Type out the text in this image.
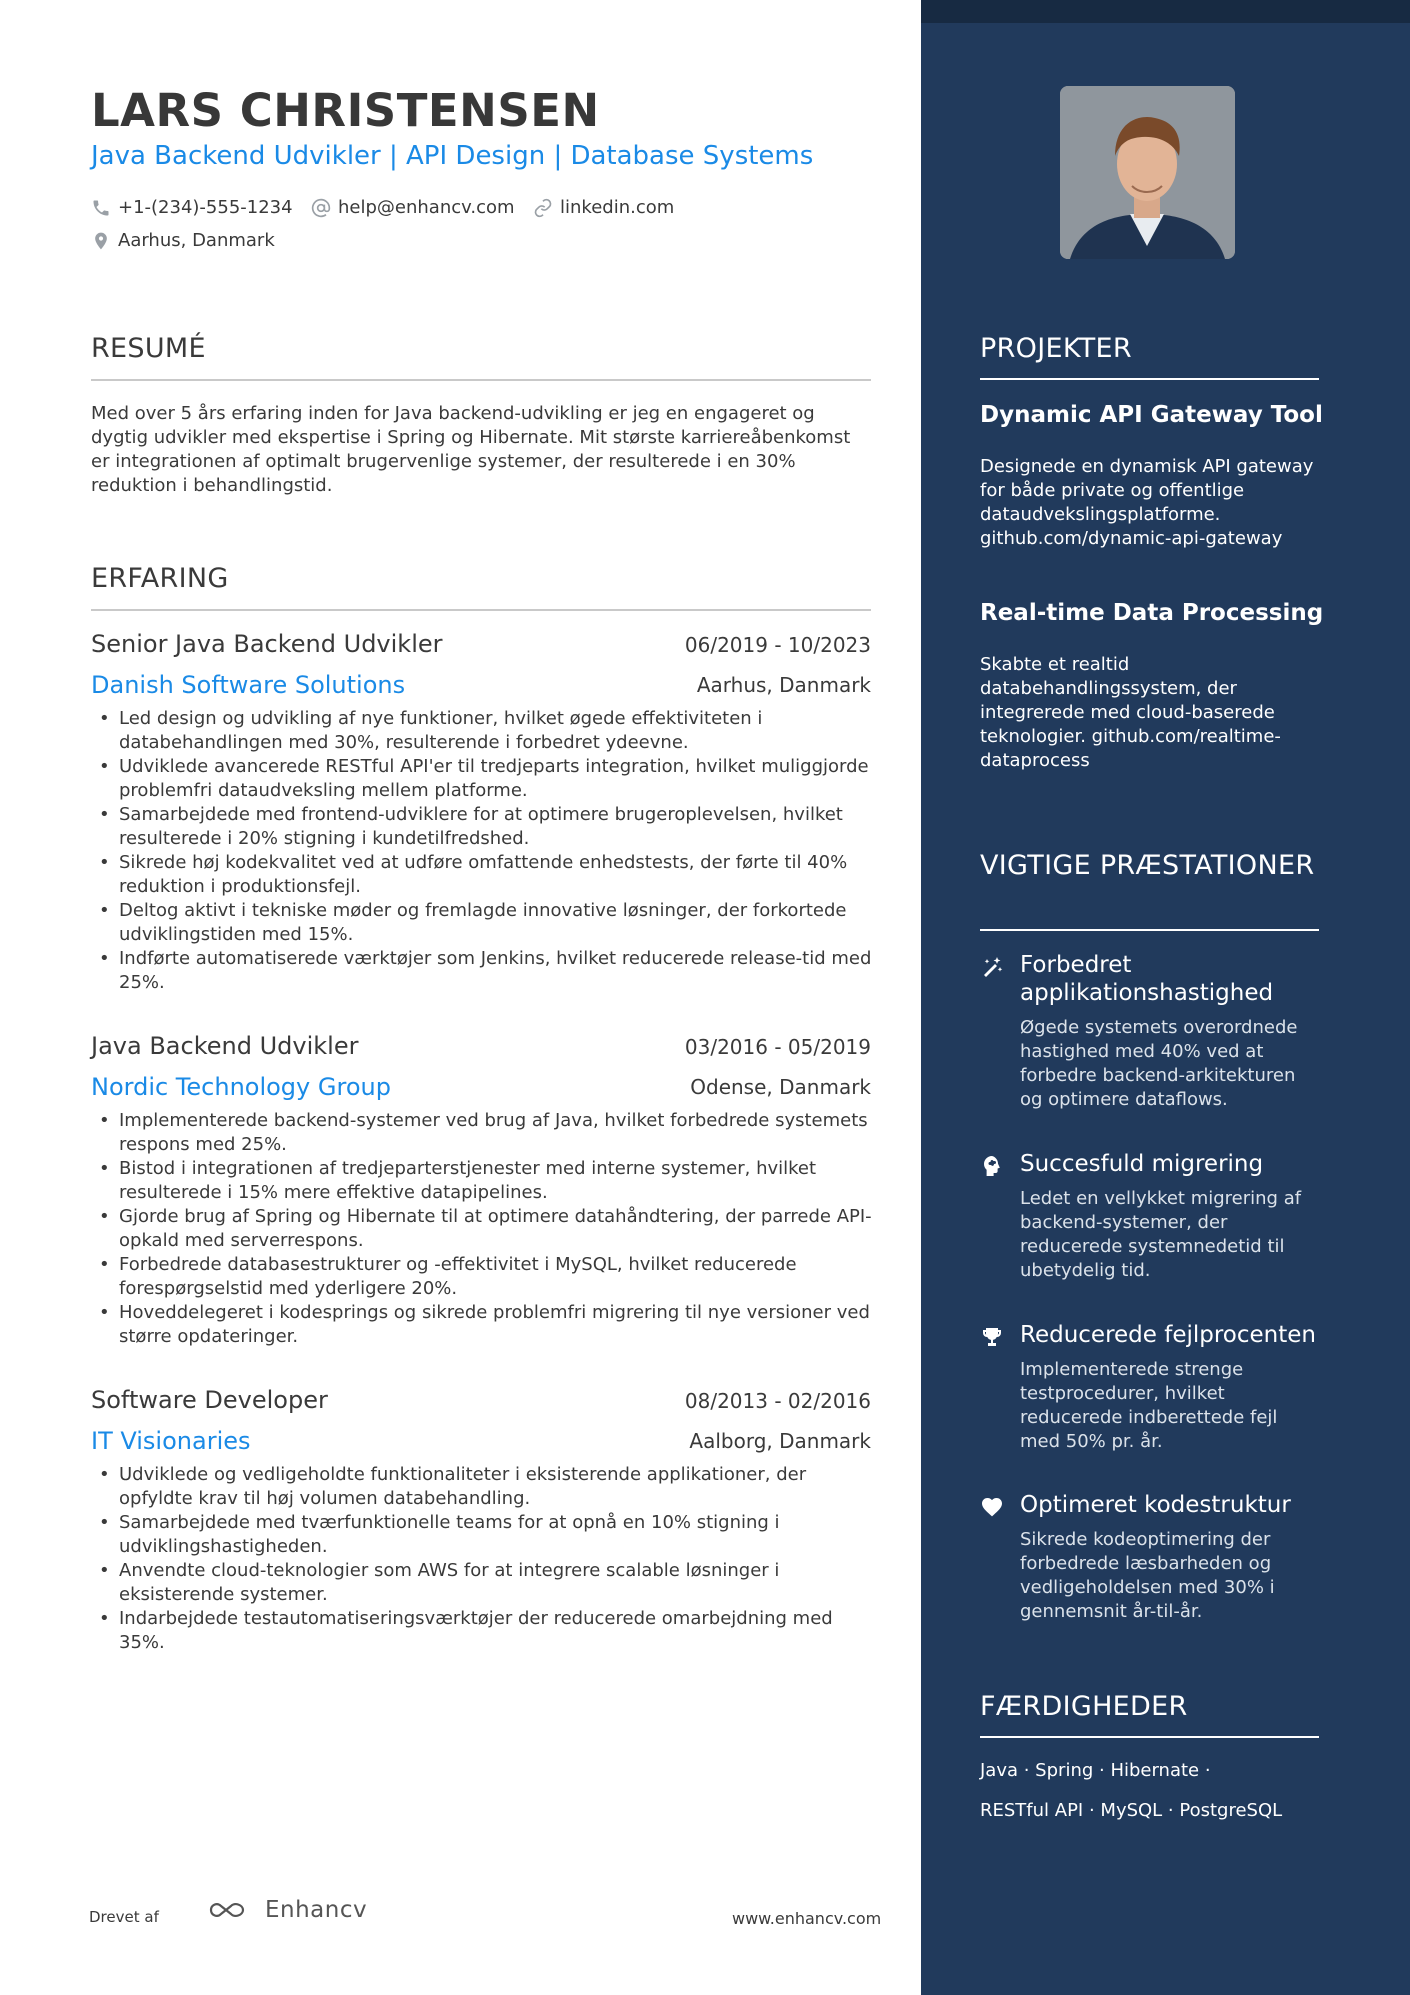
LARS CHRISTENSEN
Java Backend Udvikler | API Design | Database Systems
+1-(234)-555-1234	help@enhancv.com	linkedin.com
Aarhus, Danmark
RESUMÉ
Med over 5 års erfaring inden for Java backend-udvikling er jeg en engageret og dygtig udvikler med ekspertise i Spring og Hibernate. Mit største karriereåbenkomst er integrationen af optimalt brugervenlige systemer, der resulterede i en 30% reduktion i behandlingstid.
ERFARING
Senior Java Backend Udvikler	06/2019 - 10/2023
Danish Software Solutions	Aarhus, Danmark
• Led design og udvikling af nye funktioner, hvilket øgede effektiviteten i databehandlingen med 30%, resulterende i forbedret ydeevne.
• Udviklede avancerede RESTful API'er til tredjeparts integration, hvilket muliggjorde problemfri dataudveksling mellem platforme.
• Samarbejdede med frontend-udviklere for at optimere brugeroplevelsen, hvilket resulterede i 20% stigning i kundetilfredshed.
• Sikrede høj kodekvalitet ved at udføre omfattende enhedstests, der førte til 40% reduktion i produktionsfejl.
• Deltog aktivt i tekniske møder og fremlagde innovative løsninger, der forkortede udviklingstiden med 15%.
• Indførte automatiserede værktøjer som Jenkins, hvilket reducerede release-tid med 25%.
Java Backend Udvikler	03/2016 - 05/2019
Nordic Technology Group	Odense, Danmark
• Implementerede backend-systemer ved brug af Java, hvilket forbedrede systemets respons med 25%.
• Bistod i integrationen af tredjeparterstjenester med interne systemer, hvilket resulterede i 15% mere effektive datapipelines.
• Gjorde brug af Spring og Hibernate til at optimere datahåndtering, der parrede API-opkald med serverrespons.
• Forbedrede databasestrukturer og -effektivitet i MySQL, hvilket reducerede forespørgselstid med yderligere 20%.
• Hoveddelegeret i kodesprings og sikrede problemfri migrering til nye versioner ved større opdateringer.
Software Developer	08/2013 - 02/2016
IT Visionaries	Aalborg, Danmark
• Udviklede og vedligeholdte funktionaliteter i eksisterende applikationer, der opfyldte krav til høj volumen databehandling.
• Samarbejdede med tværfunktionelle teams for at opnå en 10% stigning i udviklingshastigheden.
• Anvendte cloud-teknologier som AWS for at integrere scalable løsninger i eksisterende systemer.
• Indarbejdede testautomatiseringsværktøjer der reducerede omarbejdning med 35%.
PROJEKTER
Dynamic API Gateway Tool
Designede en dynamisk API gateway for både private og offentlige dataudvekslingsplatforme. github.com/dynamic-api-gateway
Real-time Data Processing
Skabte et realtid databehandlingssystem, der integrerede med cloud-baserede teknologier. github.com/realtime-dataprocess
VIGTIGE PRÆSTATIONER
Forbedret applikationshastighed
Øgede systemets overordnede hastighed med 40% ved at forbedre backend-arkitekturen og optimere dataflows.
Succesfuld migrering
Ledet en vellykket migrering af backend-systemer, der reducerede systemnedetid til ubetydelig tid.
Reducerede fejlprocenten
Implementerede strenge testprocedurer, hvilket reducerede indberettede fejl med 50% pr. år.
Optimeret kodestruktur
Sikrede kodeoptimering der forbedrede læsbarheden og vedligeholdelsen med 30% i gennemsnit år-til-år.
FÆRDIGHEDER
Java · Spring · Hibernate ·
RESTful API · MySQL · PostgreSQL
Drevet af	Enhancv	www.enhancv.com
